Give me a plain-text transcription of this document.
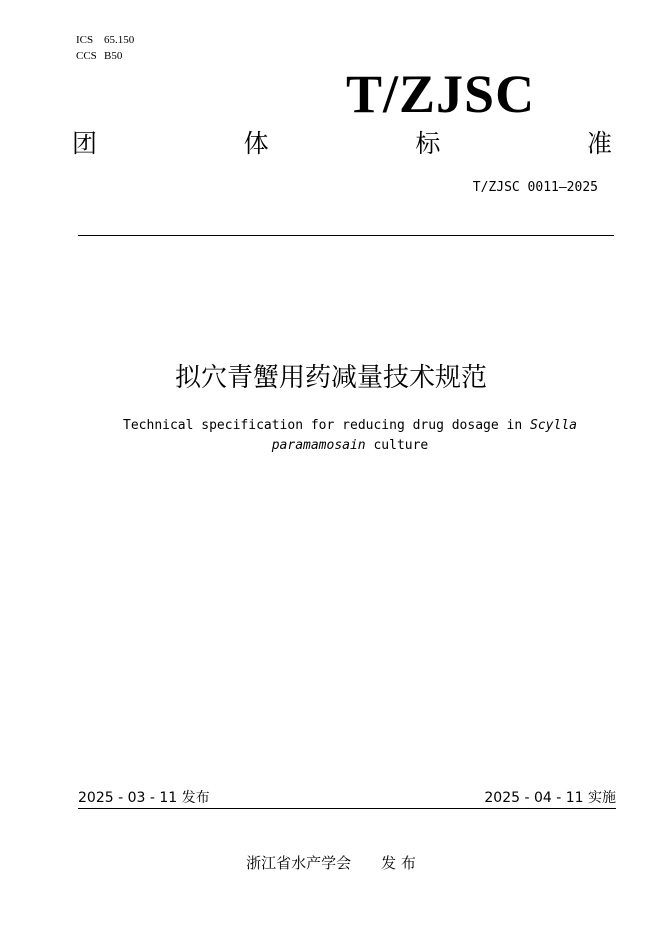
ICS 65.150
CCS B50
T/ZJSC
团	体	标	准
T/ZJSC 0011—2025
拟穴青蟹用药减量技术规范
Technical specification for reducing drug dosage in Scylla
paramamosain culture
2025 - 03 - 11 发布	2025 - 04 - 11 实施
浙江省水产学会 发 布
